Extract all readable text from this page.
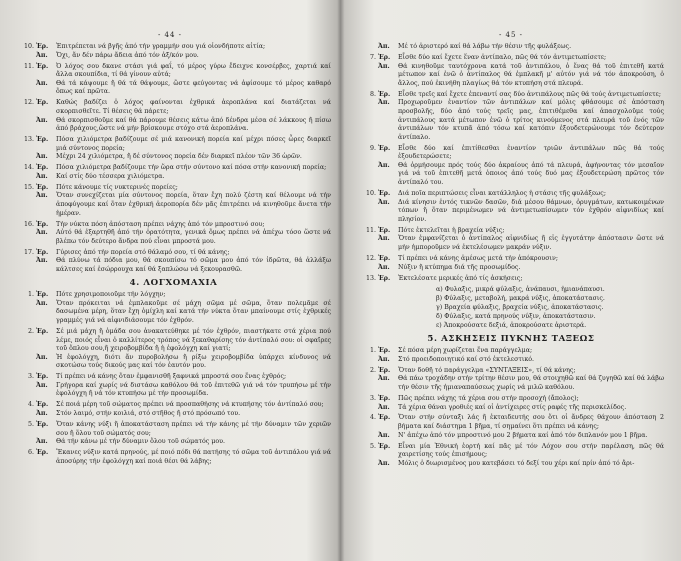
- 44 -
10. Ἐρ.	Ἐπιτρέπεται νά βγῆς ἀπό τήν γραμμήν σου γιά οἱονδήποτε αἰτία;
Ἀπ.	Ὄχι, ἄν δέν πάρω ἄδεια ἀπό τόν ἀξ/κόν μου.
11. Ἐρ.	Ὁ λόχος σου δκανε στάσι γιά φαΐ, τό μέρος γύρω ἔδειχνε κονσέρβες, χαρτιά καί ἄλλα σκουπίδια, τί θά γίνουν αὐτά;
Ἀπ.	Θά τά κάψουμε ἤ θά τά θάψουμε, ὥστε φεύγοντας νά ἀφίσουμε τό μέρος καθαρό ὅπως καί πρῶτα.
12. Ἐρ.	Καθώς βαδίζει ὁ λόχος φαίνονται ἐχθρικά ἀεροπλάνα καί διατάζεται νά σκορπισθεῖτε. Τί θέσεις θά πάρετε;
Ἀπ.	Θά σκορπισθοῦμε καί θά πάρουμε θέσεις κάτω ἀπό δένδρα μέσα σέ λάκκους ἤ πίσω ἀπό βράχους,ὥστε νά μήν βρίσκουμε στόχο στά ἀεροπλάνα.
13. Ἐρ.	Πόσα χιλιόμετρα βαδίζουμε σέ μιά κανονική πορεία καί μέχρι πόσες ὧρες διαρκεῖ μιά σύντονος πορεία;
Ἀπ.	Μέχρι 24 χιλιόμετρα, ἤ δέ σύντονος πορεία δέν διαρκεῖ πλέον τῶν 36 ὡρῶν.
14. Ἐρ.	Πόσα χιλιόμετρα βαδίζουμε τήν ὥρα στήν σύντονο καί πόσα στήν κανονική πορεία;
Ἀπ.	Καί στίς δύο τέσσερα χιλιόμετρα.
15. Ἐρ.	Πότε κάνουμε τίς νυκτερινές πορείες;
Ἀπ.	Ὅταν συνεχίζεται μία σύντονος πορεία, ὅταν ἔχη πολύ ζέστη καί θέλουμε νά τήν ἀποφύγουμε καί ὅταν ἐχθρική ἀεροπορία δέν μᾶς ἐπιτρέπει νά κινηθοῦμε ἄνετα τήν ἡμέραν.
16. Ἐρ.	Τήν νύκτα πόση ἀπόσταση πρέπει νάχης ἀπό τόν μπροστινό σου;
Ἀπ.	Αὐτό θά ἐξαρτηθῆ ἀπό τήν ὁρατότητα, γενικά ὅμως πρέπει νά ἀπέχω τόσο ὥστε νά βλέπω τόν δεύτερο ἄνδρα πού εἶναι μπροστά μου.
17. Ἐρ.	Γύρισες ἀπό τήν πορεία στό θάλαμό σου, τί θά κάνης;
Ἀπ.	Θά πλύνω τά πόδια μου, θά σκουπίσω τό σῶμα μου ἀπό τόν ἱδρῶτα, θά ἀλλάξω κάλτσες καί ἐσώρρουχα καί θά ξαπλώσω νά ξεκουρασθῶ.
4. ΛΟΓΧΟΜΑΧΙΑ
1. Ἐρ.	Πότε χρησιμοποιοῦμε τήν λόγχην;
Ἀπ.	Ὅταν πρόκειται νά ἐμπλακοῦμε σέ μάχη σῶμα μέ σῶμα, ὅταν πολεμᾶμε σέ δασωμένα μέρη, ὅταν ἔχη ὁμίχλη καί κατά τήν νύκτα ὅταν μπαίνουμε στίς ἐχθρικές γραμμές γιά νά αἰφνιδιάσουμε τόν ἐχθρόν.
2. Ἐρ.	Σέ μιά μάχη ἤ ὁμάδα σου ἀνακατεύθηκε μέ τόν ἐχθρόν, πιαστήκατε στά χέρια πού λέμε, ποιός εἶναι ὁ καλλίτερος τρόπος νά ξεκαθαρίσης τόν ἀντίπαλό σου: οἱ σφαῖρες τοῦ ὅπλου σου,ἤ χειροβομβίδα ἤ ἡ ἐφολόγχη καί γιατί;
Ἀπ.	Ἡ ἐφολόγχη, διότι ἄν πυροβολήσω ἤ ρίξω χειροβομβίδα ὑπάρχει κίνδυνος νά σκοτώσω τούς δικούς μας καί τόν ἑαυτόν μου.
3. Ἐρ.	Τί πρέπει νά κάνης ὅταν ἐμφανισθῆ ξαφνικά μπροστά σου ἕνας ἐχθρός;
Ἀπ.	Γρήγορα καί χωρίς νά διστάσω καθόλου θά τοῦ ἐπιτεθῶ γιά νά τόν τρυπήσω μέ τήν ἐφολόγχη ἤ νά τόν κτυπήσω μέ τήν προσωμίδα.
4. Ἐρ.	Σέ ποιά μέρη τοῦ σώματος πρέπει νά προσπαθήσης νά κτυπήσης τόν ἀντίπαλό σου;
Ἀπ.	Στόν λαιμό, στήν κοιλιά, στό στῆθος ἤ στό πρόσωπό του.
5. Ἐρ.	Ὅταν κάνης νύξι ἤ ἀποκατάσταση πρέπει νά τήν κάνης μέ τήν δύναμιν τῶν χεριῶν σου ἤ ὅλου τοῦ σώματός σου;
Ἀπ.	Θά τήν κάνω μέ τήν δύναμιν ὅλου τοῦ σώματός μου.
6. Ἐρ.	Ἔκανες νύξιν κατά πρηνούς, μέ ποιό πόδι θά πατήσης τό σῶμα τοῦ ἀντιπάλου γιά νά ἀποσύρης τήν ἐφολόγχη καί ποιά θέσι θά λάβης;
- 45 -
Ἀπ.	Μέ τό ἀριστερό καί θά λάβω τήν θέσιν τῆς φυλάξεως.
7. Ἐρ.	Εἶσθε δύο καί ἔχετε ἕναν ἀντίπαλο, πῶς θά τόν ἀντιμετωπίσετε;
Ἀπ.	Θά κινηθοῦμε ταυτόχρονα κατά τοῦ ἀντιπάλου, ὁ ἕνας θά τοῦ ἐπιτεθῆ κατά μέτωπον καί ἐνῶ ὁ ἀντίπαλος θά ἐμπλακῆ μ' αὐτόν γιά νά τόν ἀποκρούση, ὁ ἄλλος, πού ἐκινήθη πλαγίως θά τόν κτυπήση στά πλευρά.
8. Ἐρ.	Εἶσθε τρεῖς καί ἔχετε ἐπεναντί σας δύο ἀντιπάλους πῶς θά τούς ἀντιμετωπίσετε;
Ἀπ.	Προχωροῦμεν ἐναντίον τῶν ἀντιπάλων καί μόλις φθάσουμε σέ ἀπόσταση προσβολῆς, δύο ἀπό τούς τρεῖς μας, ἐπιτιθέμεθα καί ἀπασχολοῦμε τούς ἀντιπάλους κατά μέτωπον ἐνῶ ὁ τρίτος κινούμενος στά πλευρά τοῦ ἑνός τῶν ἀντιπάλων τόν κτυπᾶ ἀπό τόσω καί κατόπιν ἐξουδετερώνουμε τόν δεύτερον ἀντίπαλο.
9. Ἐρ.	Εἶσθε δύο καί ἐπιτίθεσθαι ἐναντίον τριῶν ἀντιπάλων πῶς θά τούς ἐξουδετερώσετε;
Ἀπ.	Θά ὁρμήσουμε πρός τούς δύο ἀκραίους ἀπό τά πλευρά, ἀφήνοντας τόν μεσαῖον γιά νά τοῦ ἐπιτεθῆ μετά ὁποιος ἀπό τούς δυό μας ἐξουδετερώση πρῶτος τόν ἀντίπαλό του.
10. Ἐρ.	Διά ποῖα περιπτώσεις εἶναι κατάλληλος ἡ στάσις τῆς φυλάξεως;
Ἀπ.	Διά κίνησιν ἐντός τικνῶν δασῶν, διά μέσου θάμνων, ὀρυγμάτων, κατωκοιμένων τόπων ἤ ὅταν περιμένωμεν νά ἀντιμετωπίσωμεν τόν ἐχθρόν αἰφνιδίως καί πλησίον.
11. Ἐρ.	Πότε ἐκτελεῖται ἡ βραχεία νύξις;
Ἀπ.	Ὅταν ἐμφανίζεται ὁ ἀντίπαλος αἰφνιδίως ἤ εἰς ἐγγυτάτην ἀπόστασιν ὥστε νά μήν ἡμποροῦμεν νά ἐκτελέσωμεν μακράν νύξιν.
12. Ἐρ.	Τί πρέπει νά κάνης ἀμέσως μετά τήν ἀπόκρουσιν;
Ἀπ.	Νύξιν ἤ κτύπημα διά τῆς προσωμίδος.
13. Ἐρ.	Ἐκτελέσατε μερικές ἀπό τίς ἀσκήσεις;
α) Φυλαξις, μικρά φύλαξις, ἀνάπαυσι, ἡμιανάπαυσι.
β) Φύλαξις, μεταβολή, μακρά νύξις, ἀποκατάστασις.
γ) Βραχεία φύλαξις, βραχεία νύξις, ἀποκατάστασις.
δ) Φύλαξις, κατά πρηνούς νύξιν, ἀποκατάστασιν.
ε) Ἀποκρούσατε δεξιά, ἀποκρούσατε ἀριστερά.
5. ΑΣΚΗΣΕΙΣ ΠΥΚΝΗΣ ΤΑΞΕΩΣ
1. Ἐρ.	Σέ πόσα μέρη χωρίζεται ἕνα παράγγελμα;
Ἀπ.	Στό προειδοποιητικό καί στό ἐκτελεστικό.
2. Ἐρ.	Ὅταν δοθῆ τό παράγγελμα «ΣΥΝΤΑΞΕΙΣ», τί θά κάνης;
Ἀπ.	Θά πάω τροχάδην στήν τρίτην θέσιν μου, θά στοιχηθῶ καί θά ζυγηθῶ καί θά λάβω τήν θέσιν τῆς ἡμιαναπαύσεως χωρίς νά μιλῶ καθόλου.
3. Ἐρ.	Πῶς πρέπει νάχης τά χέρια σου στήν προσοχή (ἄπολος);
Ἀπ.	Τά χέρια θάναι γροθιές καί οἱ ἀντίχειρες στίς ραφές τῆς περισκελίδος.
4. Ἐρ.	Ὅταν στήν σύνταξι λάς ἤ ἐκταιδευτής σου ὅτι οἱ ἄνδρες θάχουν ἀπόσταση 2 βήματα καί διάστημα 1 βῆμα, τί σημαίνει ὅτι πρέπει νά κάνης;
Ἀπ.	Ν' ἀπέχω ἀπό τόν μπροστινό μου 2 βήματα καί ἀπό τόν διπλανόν μου 1 βῆμα.
5. Ἐρ.	Εἶναι μία Ἐθνική ἑορτή καί πᾶς μέ τόν Λόχον σου στήν παρέλαση, πῶς θά χαιρετίσης τούς ἐπισήμους;
Ἀπ.	Μόλις ὁ διωρισμένος μου κατεβάσει τό δεξί του χέρι καί πρίν ἀπό τό ἄρι-
